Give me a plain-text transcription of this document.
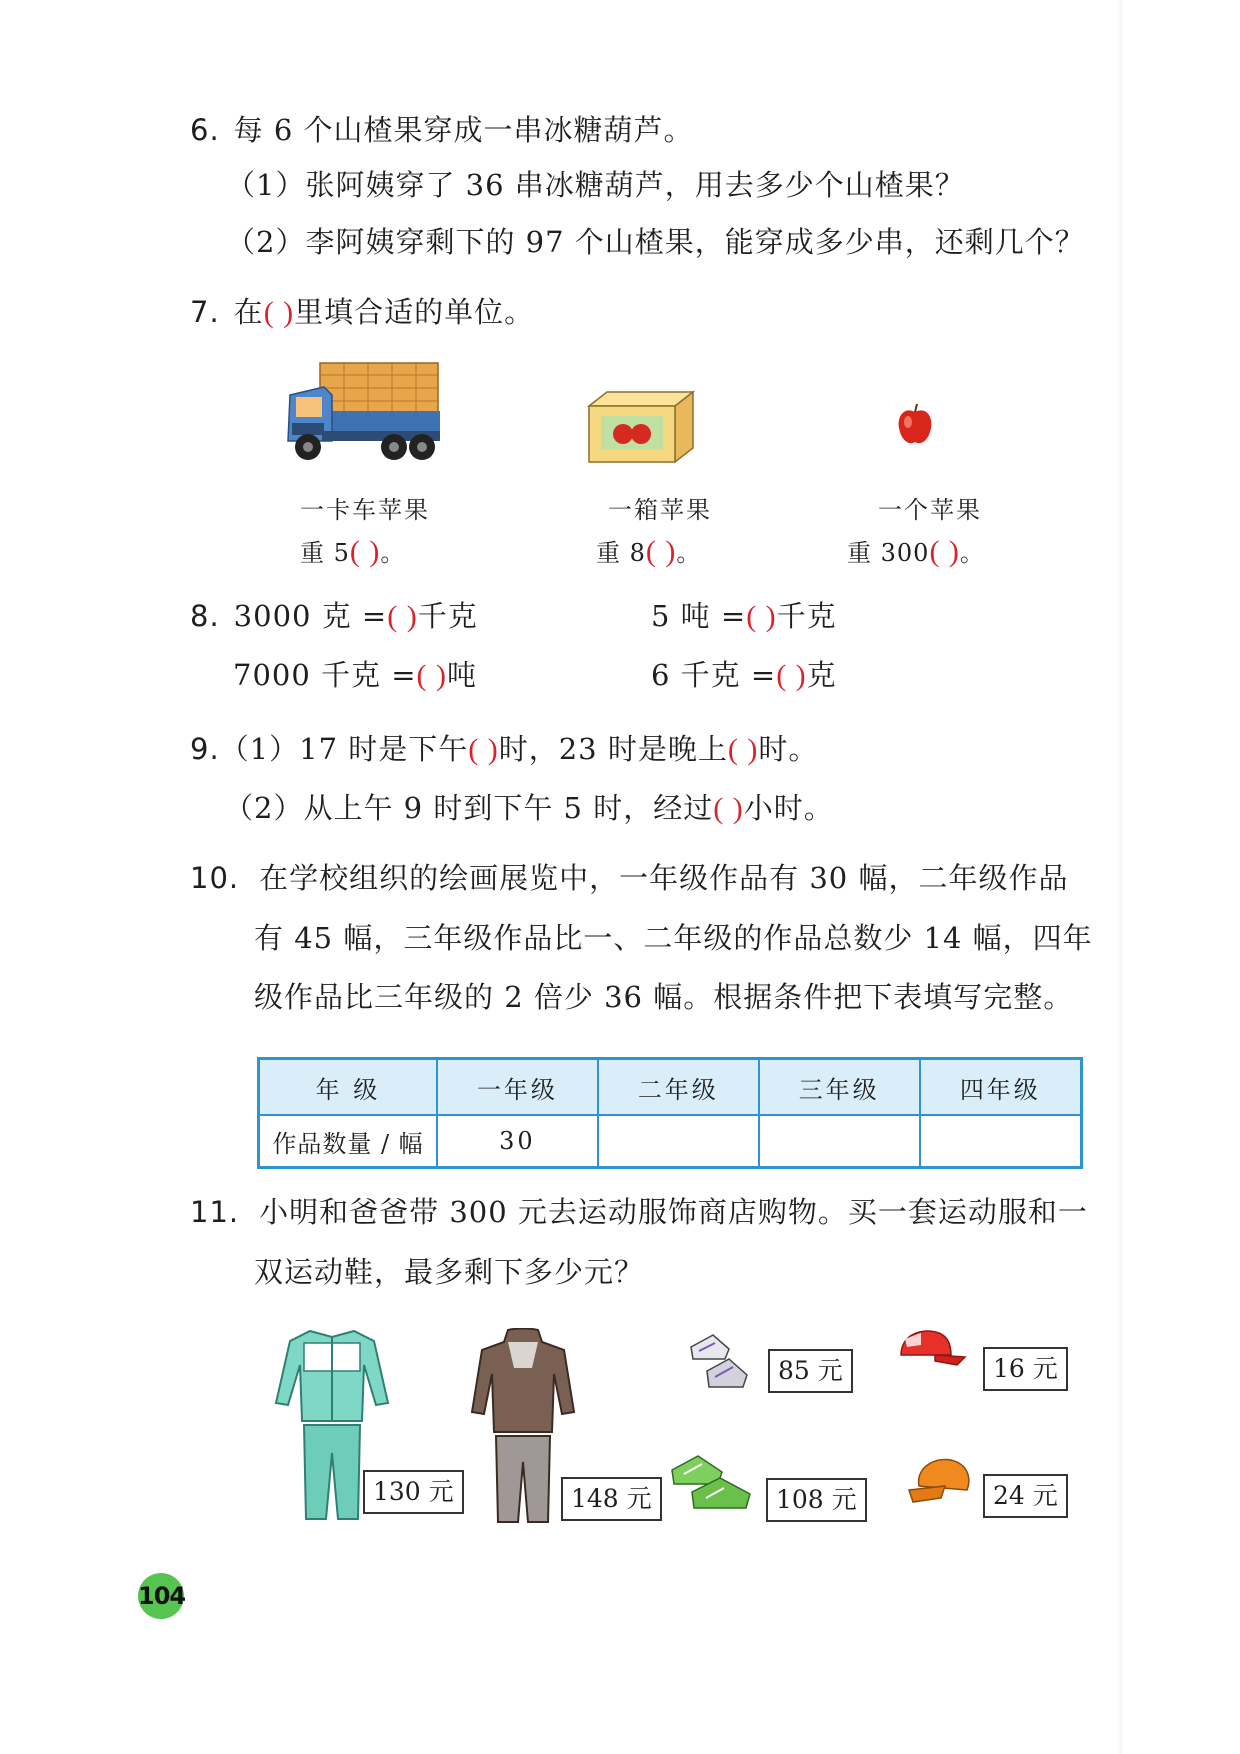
6. 每 6 个山楂果穿成一串冰糖葫芦。
（1）张阿姨穿了 36 串冰糖葫芦，用去多少个山楂果？
（2）李阿姨穿剩下的 97 个山楂果，能穿成多少串，还剩几个？
7. 在( )里填合适的单位。
一卡车苹果	一箱苹果	一个苹果
重 5( )。	重 8( )。	重 300( )。
8. 3000 克 =( )千克	5 吨 =( )千克
7000 千克 =( )吨	6 千克 =( )克
9.（1）17 时是下午( )时，23 时是晚上( )时。
（2）从上午 9 时到下午 5 时，经过( )小时。
10. 在学校组织的绘画展览中，一年级作品有 30 幅，二年级作品
有 45 幅，三年级作品比一、二年级的作品总数少 14 幅，四年
级作品比三年级的 2 倍少 36 幅。根据条件把下表填写完整。
年 级	一年级	二年级	三年级	四年级
作品数量 / 幅	30			
11. 小明和爸爸带 300 元去运动服饰商店购物。买一套运动服和一
双运动鞋，最多剩下多少元？
130 元	148 元
85 元
108 元
16 元
24 元
104
